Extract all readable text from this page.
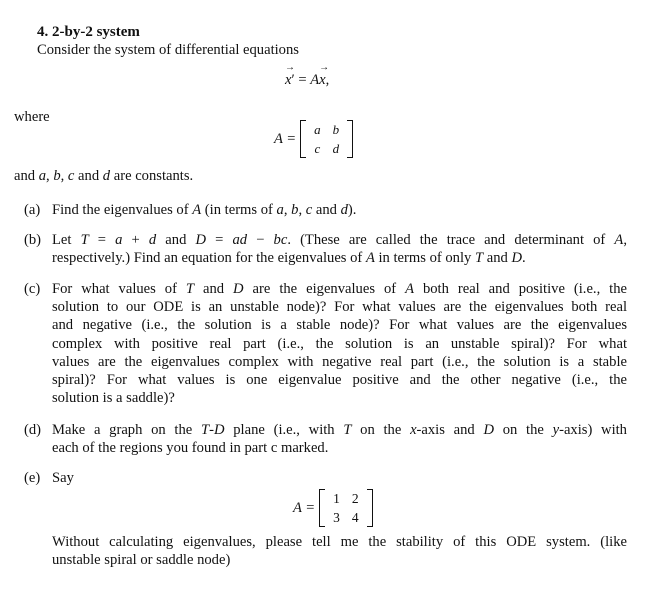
4. 2-by-2 system
Consider the system of differential equations
→ x′ = A→ x,
where
A =
a b
c d
and a, b, c and d are constants.
(a) Find the eigenvalues of A (in terms of a, b, c and d).
(b) Let T = a + d and D = ad − bc. (These are called the trace and determinant of A,
respectively.) Find an equation for the eigenvalues of A in terms of only T and D.
(c) For what values of T and D are the eigenvalues of A both real and positive (i.e., the
solution to our ODE is an unstable node)? For what values are the eigenvalues both real
and negative (i.e., the solution is a stable node)? For what values are the eigenvalues
complex with positive real part (i.e., the solution is an unstable spiral)? For what
values are the eigenvalues complex with negative real part (i.e., the solution is a stable
spiral)? For what values is one eigenvalue positive and the other negative (i.e., the
solution is a saddle)?
(d) Make a graph on the T-D plane (i.e., with T on the x-axis and D on the y-axis) with
each of the regions you found in part c marked.
(e) Say
A =
1 2
3 4
Without calculating eigenvalues, please tell me the stability of this ODE system. (like
unstable spiral or saddle node)
